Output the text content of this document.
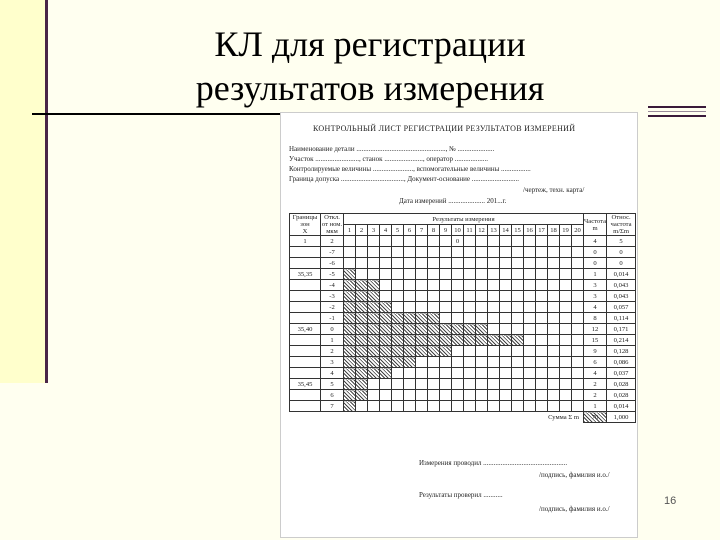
КЛ для регистрации
результатов измерения
КОНТРОЛЬНЫЙ ЛИСТ РЕГИСТРАЦИИ РЕЗУЛЬТАТОВ ИЗМЕРЕНИЙ
Наименование детали ..................................................., № .....................
Участок ........................., станок ......................, оператор ...................
Контролируемые величины ......................., вспомогательные величины .................
Граница допуска ...................................., Документ-основание ...........................
/чертеж, техн. карта/
Дата измерений ..................... 201...г.
Границы зон
Х	Откл. от ном. мкм	Результаты измерения																				Частота m	Относ. частота m/Σm
		1	2	3	4	5	6	7	8	9	10	11	12	13	14	15	16	17	18	19	20		
1	2										0											4	5
	-7																					0	0
	-6																					0	0
35,35	-5																					1	0,014
	-4																					3	0,043
	-3																					3	0,043
	-2																					4	0,057
	-1																					8	0,114
35,40	0																					12	0,171
	1																					15	0,214
	2																					9	0,128
	3																					6	0,086
	4																					4	0,037
35,45	5																					2	0,028
	6																					2	0,028
	7																					1	0,014
Сумма Σ m																						70	1,000
Измерения проводил ................................................
/подпись, фамилия и.о./
Результаты проверил ...........
/подпись, фамилия и.о./
16
